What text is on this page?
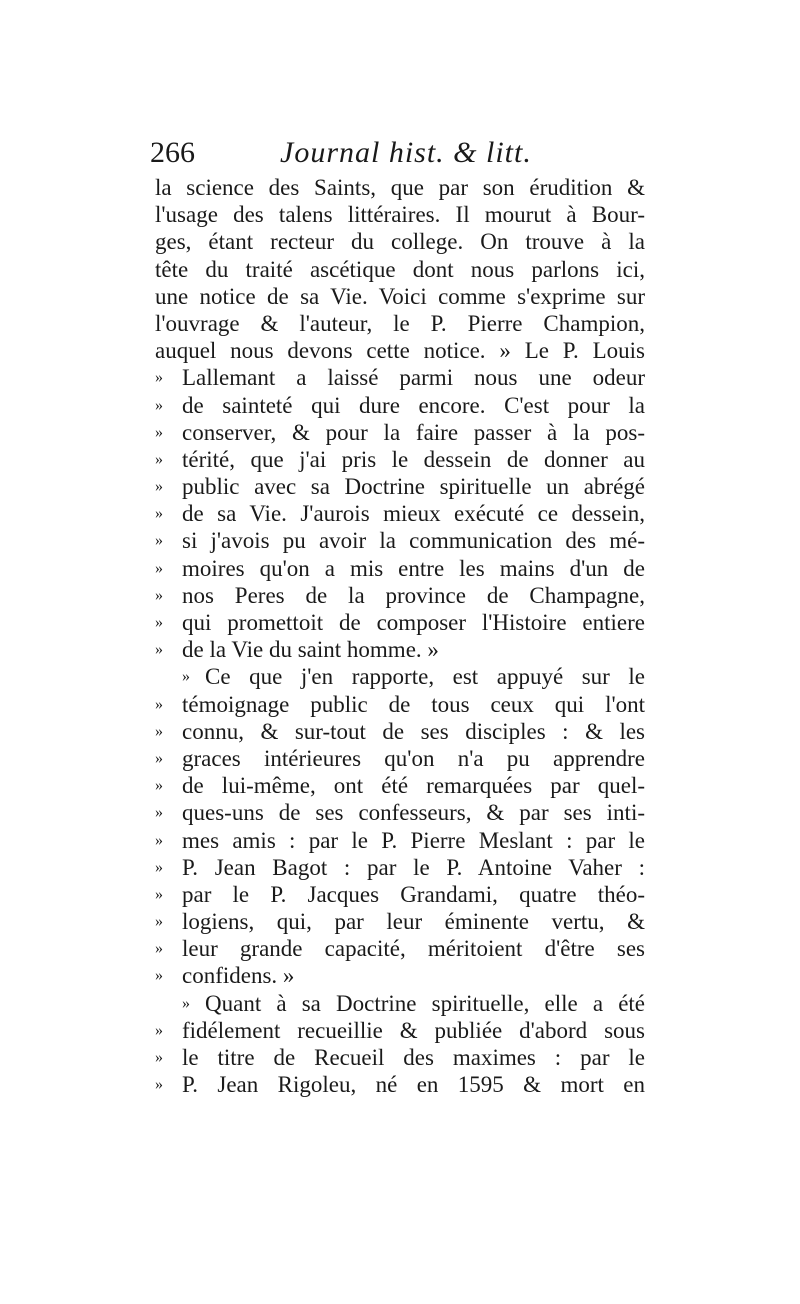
266	Journal hist. & litt.
la science des Saints, que par son érudition &
l'usage des talens littéraires. Il mourut à Bour-
ges, étant recteur du college. On trouve à la
tête du traité ascétique dont nous parlons ici,
une notice de sa Vie. Voici comme s'exprime sur
l'ouvrage & l'auteur, le P. Pierre Champion,
auquel nous devons cette notice. » Le P. Louis
» Lallemant a laissé parmi nous une odeur
» de sainteté qui dure encore. C'est pour la
» conserver, & pour la faire passer à la pos-
» térité, que j'ai pris le dessein de donner au
» public avec sa Doctrine spirituelle un abrégé
» de sa Vie. J'aurois mieux exécuté ce dessein,
» si j'avois pu avoir la communication des mé-
» moires qu'on a mis entre les mains d'un de
» nos Peres de la province de Champagne,
» qui promettoit de composer l'Histoire entiere
» de la Vie du saint homme. »
» Ce que j'en rapporte, est appuyé sur le
» témoignage public de tous ceux qui l'ont
» connu, & sur-tout de ses disciples : & les
» graces intérieures qu'on n'a pu apprendre
» de lui-même, ont été remarquées par quel-
» ques-uns de ses confesseurs, & par ses inti-
» mes amis : par le P. Pierre Meslant : par le
» P. Jean Bagot : par le P. Antoine Vaher :
» par le P. Jacques Grandami, quatre théo-
» logiens, qui, par leur éminente vertu, &
» leur grande capacité, méritoient d'être ses
» confidens. »
» Quant à sa Doctrine spirituelle, elle a été
» fidélement recueillie & publiée d'abord sous
» le titre de Recueil des maximes : par le
» P. Jean Rigoleu, né en 1595 & mort en
